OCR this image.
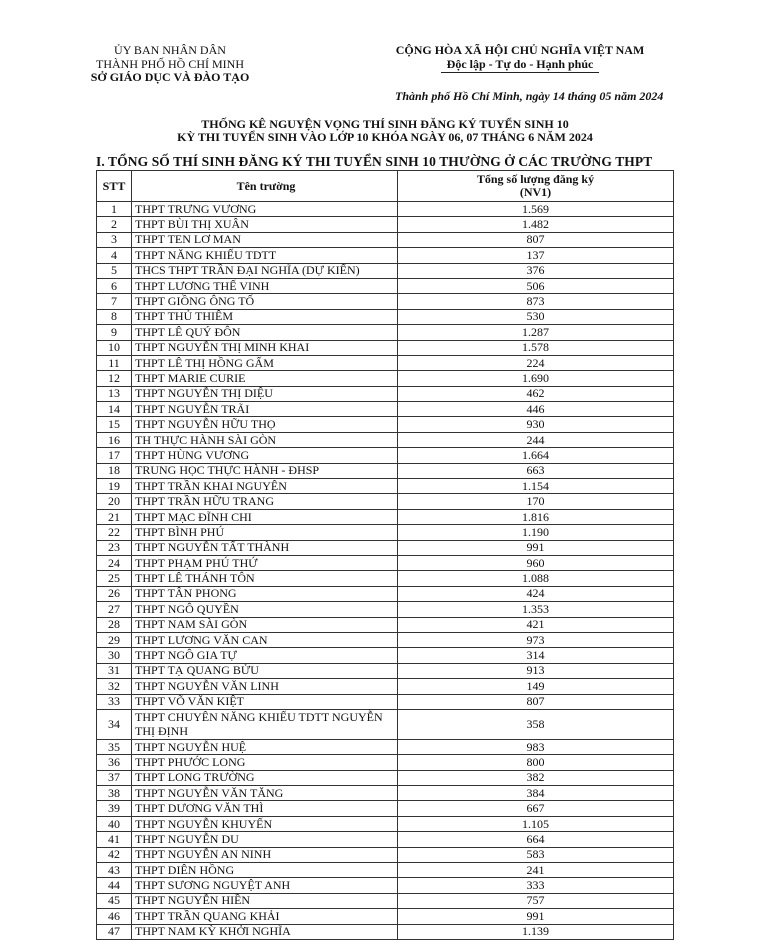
ỦY BAN NHÂN DÂN
THÀNH PHỐ HỒ CHÍ MINH
SỞ GIÁO DỤC VÀ ĐÀO TẠO
CỘNG HÒA XÃ HỘI CHỦ NGHĨA VIỆT NAM
Độc lập - Tự do - Hạnh phúc
Thành phố Hồ Chí Minh, ngày 14 tháng 05 năm 2024
THỐNG KÊ NGUYỆN VỌNG THÍ SINH ĐĂNG KÝ TUYỂN SINH 10
KỲ THI TUYỂN SINH VÀO LỚP 10 KHÓA NGÀY 06, 07 THÁNG 6 NĂM 2024
I. TỔNG SỐ THÍ SINH ĐĂNG KÝ THI TUYỂN SINH 10 THƯỜNG Ở CÁC TRƯỜNG THPT
STT	Tên trường	Tổng số lượng đăng ký
(NV1)

1	THPT TRƯNG VƯƠNG	1.569
2	THPT BÙI THỊ XUÂN	1.482
3	THPT TEN LƠ MAN	807
4	THPT NĂNG KHIẾU TDTT	137
5	THCS THPT TRẦN ĐẠI NGHĨA (DỰ KIẾN)	376
6	THPT LƯƠNG THẾ VINH	506
7	THPT GIỒNG ÔNG TỐ	873
8	THPT THỦ THIÊM	530
9	THPT LÊ QUÝ ĐÔN	1.287
10	THPT NGUYỄN THỊ MINH KHAI	1.578
11	THPT LÊ THỊ HỒNG GẤM	224
12	THPT MARIE CURIE	1.690
13	THPT NGUYỄN THỊ DIỆU	462
14	THPT NGUYỄN TRÃI	446
15	THPT NGUYỄN HỮU THỌ	930
16	TH THỰC HÀNH SÀI GÒN	244
17	THPT HÙNG VƯƠNG	1.664
18	TRUNG HỌC THỰC HÀNH - ĐHSP	663
19	THPT TRẦN KHAI NGUYÊN	1.154
20	THPT TRẦN HỮU TRANG	170
21	THPT MẠC ĐĨNH CHI	1.816
22	THPT BÌNH PHÚ	1.190
23	THPT NGUYỄN TẤT THÀNH	991
24	THPT PHẠM PHÚ THỨ	960
25	THPT LÊ THÁNH TÔN	1.088
26	THPT TÂN PHONG	424
27	THPT NGÔ QUYỀN	1.353
28	THPT NAM SÀI GÒN	421
29	THPT LƯƠNG VĂN CAN	973
30	THPT NGÔ GIA TỰ	314
31	THPT TẠ QUANG BỬU	913
32	THPT NGUYỄN VĂN LINH	149
33	THPT VÕ VĂN KIỆT	807
34	THPT CHUYÊN NĂNG KHIẾU TDTT NGUYỄN THỊ ĐỊNH	358
35	THPT NGUYỄN HUỆ	983
36	THPT PHƯỚC LONG	800
37	THPT LONG TRƯỜNG	382
38	THPT NGUYỄN VĂN TĂNG	384
39	THPT DƯƠNG VĂN THÌ	667
40	THPT NGUYỄN KHUYẾN	1.105
41	THPT NGUYỄN DU	664
42	THPT NGUYỄN AN NINH	583
43	THPT DIÊN HỒNG	241
44	THPT SƯƠNG NGUYỆT ANH	333
45	THPT NGUYỄN HIỀN	757
46	THPT TRẦN QUANG KHẢI	991
47	THPT NAM KỲ KHỞI NGHĨA	1.139
